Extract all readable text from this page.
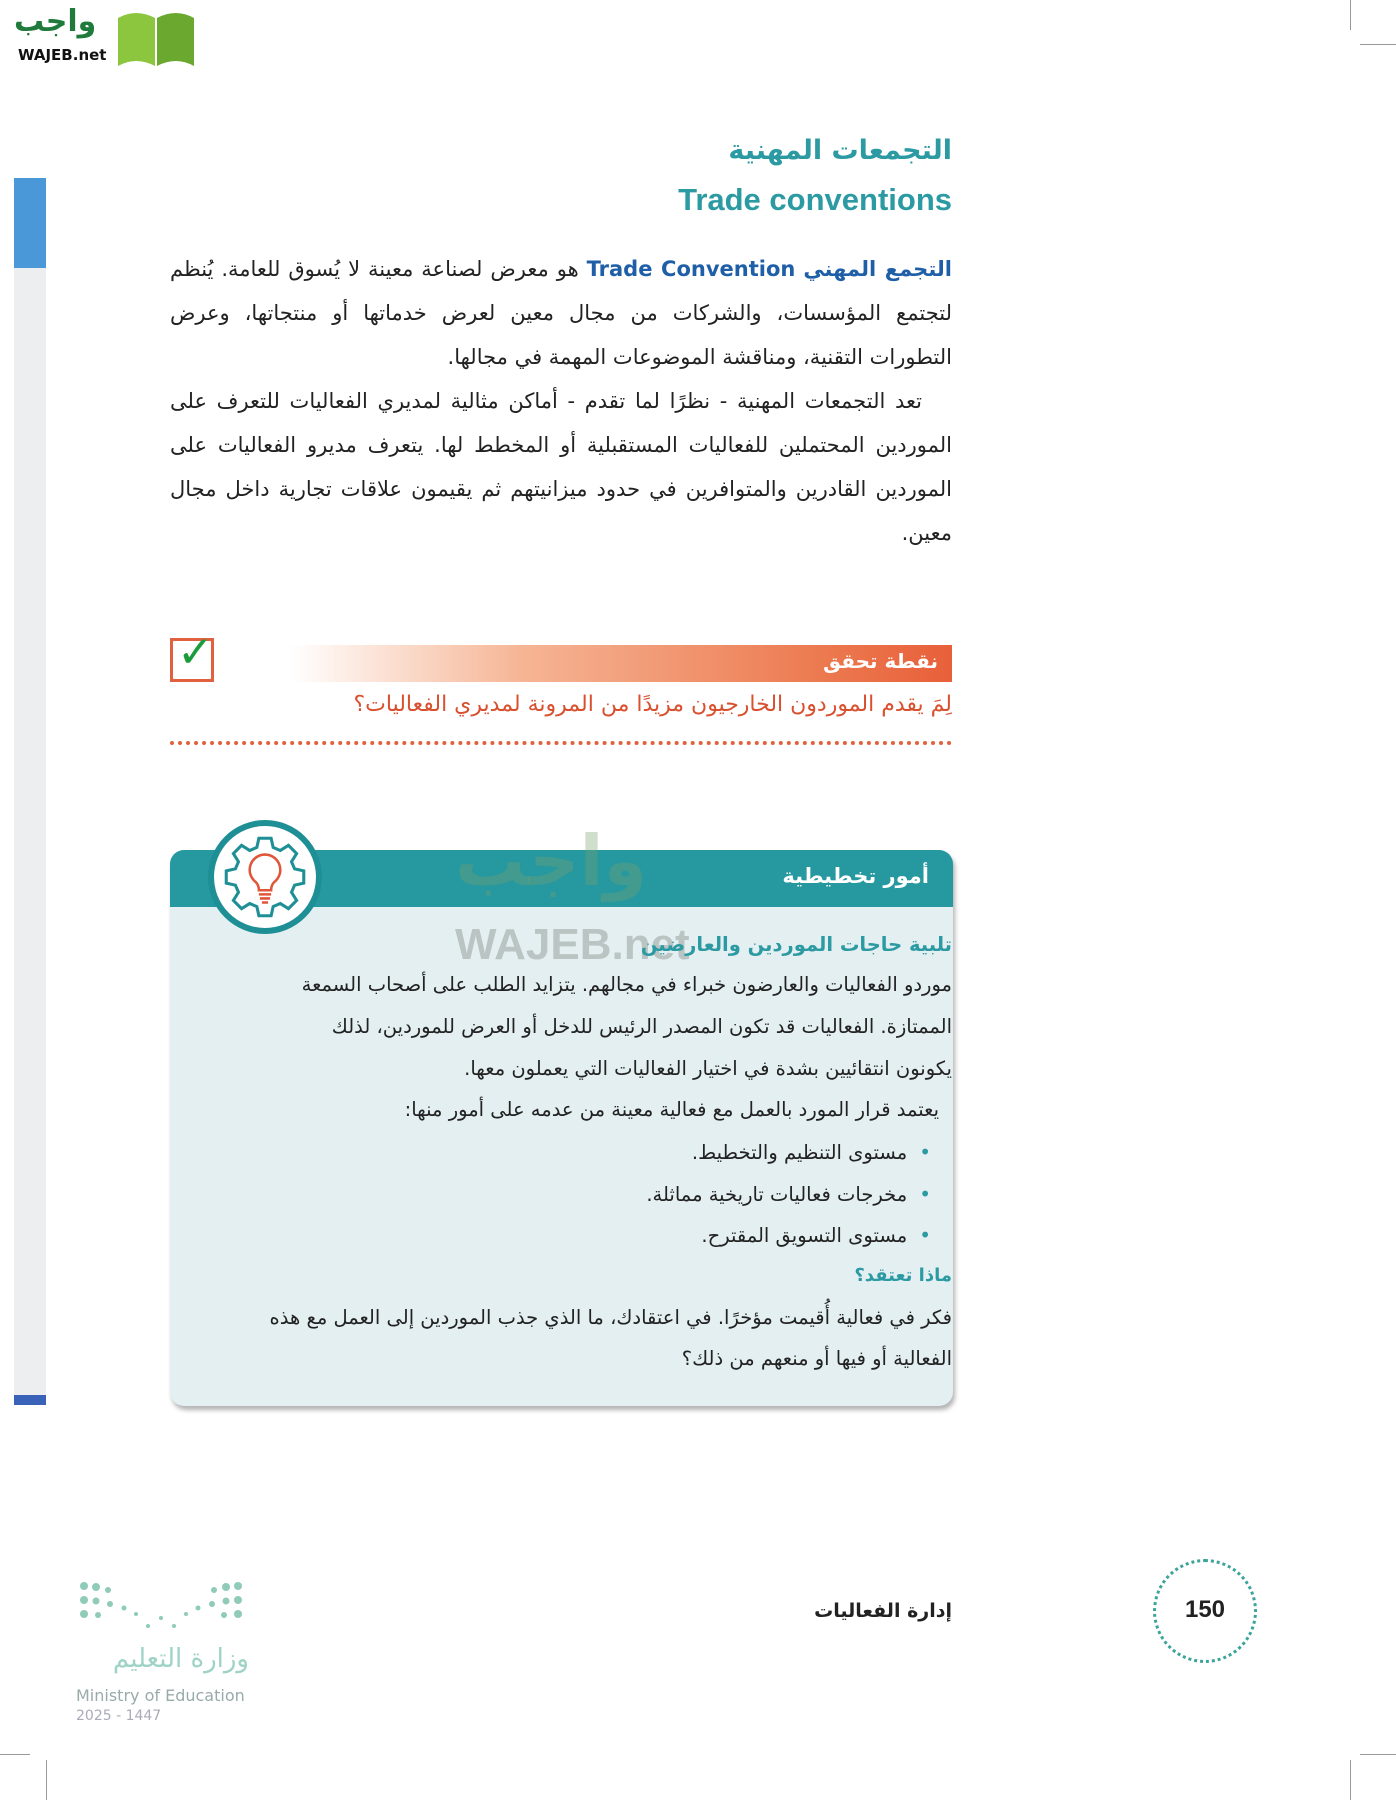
واجب
WAJEB.net
التجمعات المهنية
Trade conventions

التجمع المهني Trade Convention هو معرض لصناعة معينة لا يُسوق للعامة. يُنظم لتجتمع المؤسسات، والشركات من مجال معين لعرض خدماتها أو منتجاتها، وعرض التطورات التقنية، ومناقشة الموضوعات المهمة في مجالها.

تعد التجمعات المهنية - نظرًا لما تقدم - أماكن مثالية لمديري الفعاليات للتعرف على الموردين المحتملين للفعاليات المستقبلية أو المخطط لها. يتعرف مديرو الفعاليات على الموردين القادرين والمتوافرين في حدود ميزانيتهم ثم يقيمون علاقات تجارية داخل مجال معين.

✓	نقطة تحقق
لِمَ يقدم الموردون الخارجيون مزيدًا من المرونة لمديري الفعاليات؟
أمور تخطيطية
واجب
WAJEB.net
تلبية حاجات الموردين والعارضين
موردو الفعاليات والعارضون خبراء في مجالهم. يتزايد الطلب على أصحاب السمعة
الممتازة. الفعاليات قد تكون المصدر الرئيس للدخل أو العرض للموردين، لذلك
يكونون انتقائيين بشدة في اختيار الفعاليات التي يعملون معها.
يعتمد قرار المورد بالعمل مع فعالية معينة من عدمه على أمور منها:
• مستوى التنظيم والتخطيط.
• مخرجات فعاليات تاريخية مماثلة.
• مستوى التسويق المقترح.
ماذا تعتقد؟
فكر في فعالية أُقيمت مؤخرًا. في اعتقادك، ما الذي جذب الموردين إلى العمل مع هذه
الفعالية أو فيها أو منعهم من ذلك؟
150
إدارة الفعاليات
وزارة التعليم
Ministry of Education
2025 - 1447
